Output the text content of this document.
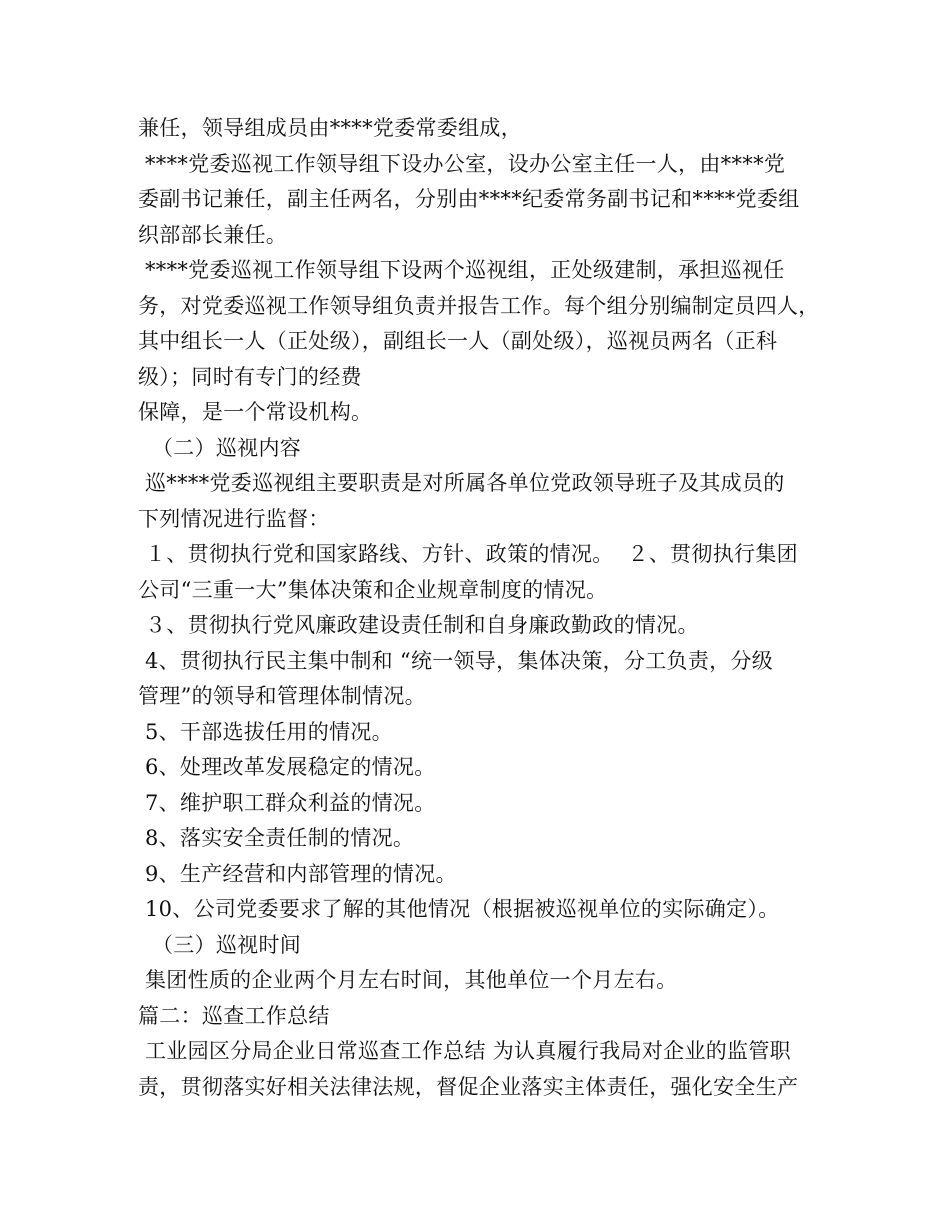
兼任，领导组成员由****党委常委组成，
****党委巡视工作领导组下设办公室，设办公室主任一人，由****党
委副书记兼任，副主任两名，分别由****纪委常务副书记和****党委组
织部部长兼任。
****党委巡视工作领导组下设两个巡视组，正处级建制，承担巡视任
务，对党委巡视工作领导组负责并报告工作。每个组分别编制定员四人，
其中组长一人（正处级），副组长一人（副处级），巡视员两名（正科
级）；同时有专门的经费
保障，是一个常设机构。
（二）巡视内容
巡****党委巡视组主要职责是对所属各单位党政领导班子及其成员的
下列情况进行监督：
１、贯彻执行党和国家路线、方针、政策的情况。  ２、贯彻执行集团
公司“三重一大”集体决策和企业规章制度的情况。
３、贯彻执行党风廉政建设责任制和自身廉政勤政的情况。
4、贯彻执行民主集中制和 “统一领导，集体决策，分工负责，分级
管理”的领导和管理体制情况。
5、干部选拔任用的情况。
6、处理改革发展稳定的情况。
7、维护职工群众利益的情况。
8、落实安全责任制的情况。
9、生产经营和内部管理的情况。
10、公司党委要求了解的其他情况（根据被巡视单位的实际确定）。
（三）巡视时间
集团性质的企业两个月左右时间，其他单位一个月左右。
篇二：巡查工作总结
工业园区分局企业日常巡查工作总结 为认真履行我局对企业的监管职
责，贯彻落实好相关法律法规，督促企业落实主体责任，强化安全生产
